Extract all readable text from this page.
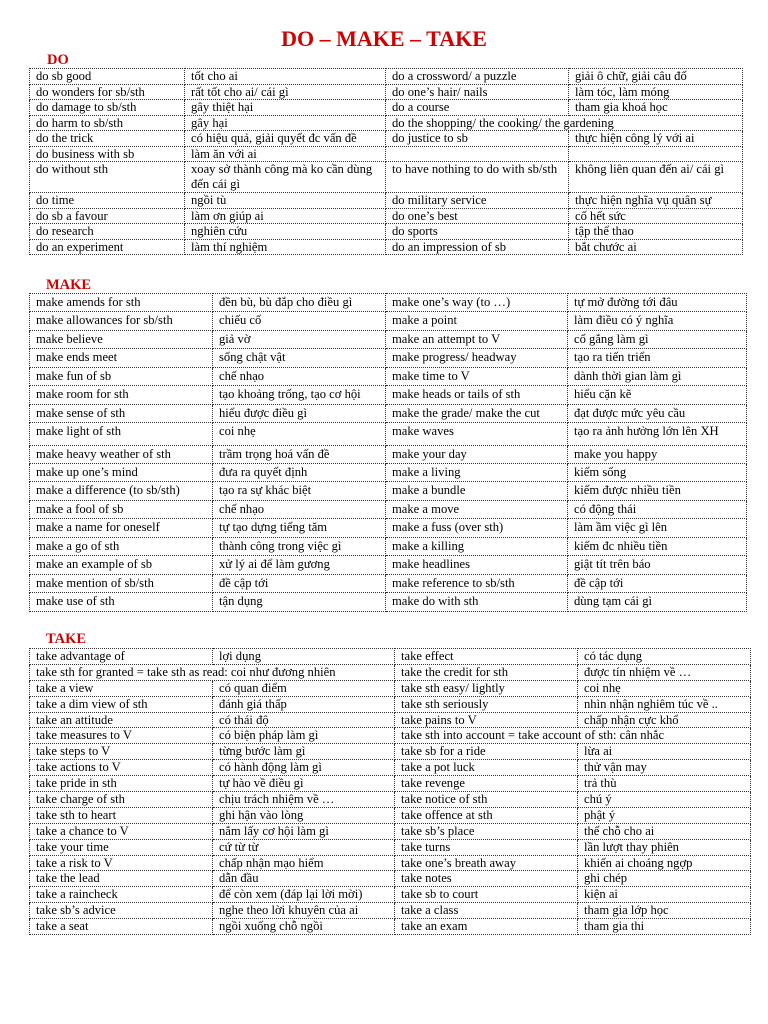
DO – MAKE – TAKE
DO
do sb good	tốt cho ai	do a crossword/ a puzzle	giải ô chữ, giải câu đố
do wonders for sb/sth	rất tốt cho ai/ cái gì	do one’s hair/ nails	làm tóc, làm móng
do damage to sb/sth	gây thiệt hại	do a course	tham gia khoá học
do harm to sb/sth	gây hại	do the shopping/ the cooking/ the gardening	
do the trick	có hiệu quả, giải quyết đc vấn đề	do justice to sb	thực hiện công lý với ai
do business with sb	làm ăn với ai		
do without sth	xoay sở thành công mà ko cần dùng đến cái gì	to have nothing to do with sb/sth	không liên quan đến ai/ cái gì
do time	ngồi tù	do military service	thực hiện nghĩa vụ quân sự
do sb a favour	làm ơn giúp ai	do one’s best	cố hết sức
do research	nghiên cứu	do sports	tập thể thao
do an experiment	làm thí nghiệm	do an impression of sb	bắt chước ai
MAKE
make amends for sth	đền bù, bù đắp cho điều gì	make one’s way (to …)	tự mở đường tới đâu
make allowances for sb/sth	chiếu cố	make a point	làm điều có ý nghĩa
make believe	giả vờ	make an attempt to V	cố gắng làm gì
make ends meet	sống chật vật	make progress/ headway	tạo ra tiến triển
make fun of sb	chế nhạo	make time to V	dành thời gian làm gì
make room for sth	tạo khoảng trống, tạo cơ hội	make heads or tails of sth	hiểu cặn kẽ
make sense of sth	hiểu được điều gì	make the grade/ make the cut	đạt được mức yêu cầu
make light of sth	coi nhẹ	make waves	tạo ra ảnh hưởng lớn lên XH
make heavy weather of sth	trầm trọng hoá vấn đề	make your day	make you happy
make up one’s mind	đưa ra quyết định	make a living	kiếm sống
make a difference (to sb/sth)	tạo ra sự khác biệt	make a bundle	kiếm được nhiều tiền
make a fool of sb	chế nhạo	make a move	có động thái
make a name for oneself	tự tạo dựng tiếng tăm	make a fuss (over sth)	làm ầm việc gì lên
make a go of sth	thành công trong việc gì	make a killing	kiếm đc nhiều tiền
make an example of sb	xử lý ai để làm gương	make headlines	giật tít trên báo
make mention of sb/sth	đề cập tới	make reference to sb/sth	đề cập tới
make use of sth	tận dụng	make do with sth	dùng tạm cái gì
TAKE
take advantage of	lợi dụng	take effect	có tác dụng
take sth for granted = take sth as read: coi như đương nhiên		take the credit for sth	được tín nhiệm về …
take a view	có quan điểm	take sth easy/ lightly	coi nhẹ
take a dim view of sth	đánh giá thấp	take sth seriously	nhìn nhận nghiêm túc về ..
take an attitude	có thái độ	take pains to V	chấp nhận cực khổ
take measures to V	có biện pháp làm gì	take sth into account = take account of sth: cân nhắc	
take steps to V	từng bước làm gì	take sb for a ride	lừa ai
take actions to V	có hành động làm gì	take a pot luck	thử vận may
take pride in sth	tự hào về điều gì	take revenge	trả thù
take charge of sth	chịu trách nhiệm về …	take notice of sth	chú ý
take sth to heart	ghi hận vào lòng	take offence at sth	phật ý
take a chance to V	nắm lấy cơ hội làm gì	take sb’s place	thế chỗ cho ai
take your time	cứ từ từ	take turns	lần lượt thay phiên
take a risk to V	chấp nhận mạo hiểm	take one’s breath away	khiến ai choáng ngợp
take the lead	dẫn đầu	take notes	ghi chép
take a raincheck	để còn xem (đáp lại lời mời)	take sb to court	kiện ai
take sb’s advice	nghe theo lời khuyên của ai	take a class	tham gia lớp học
take a seat	ngồi xuống chỗ ngồi	take an exam	tham gia thi
